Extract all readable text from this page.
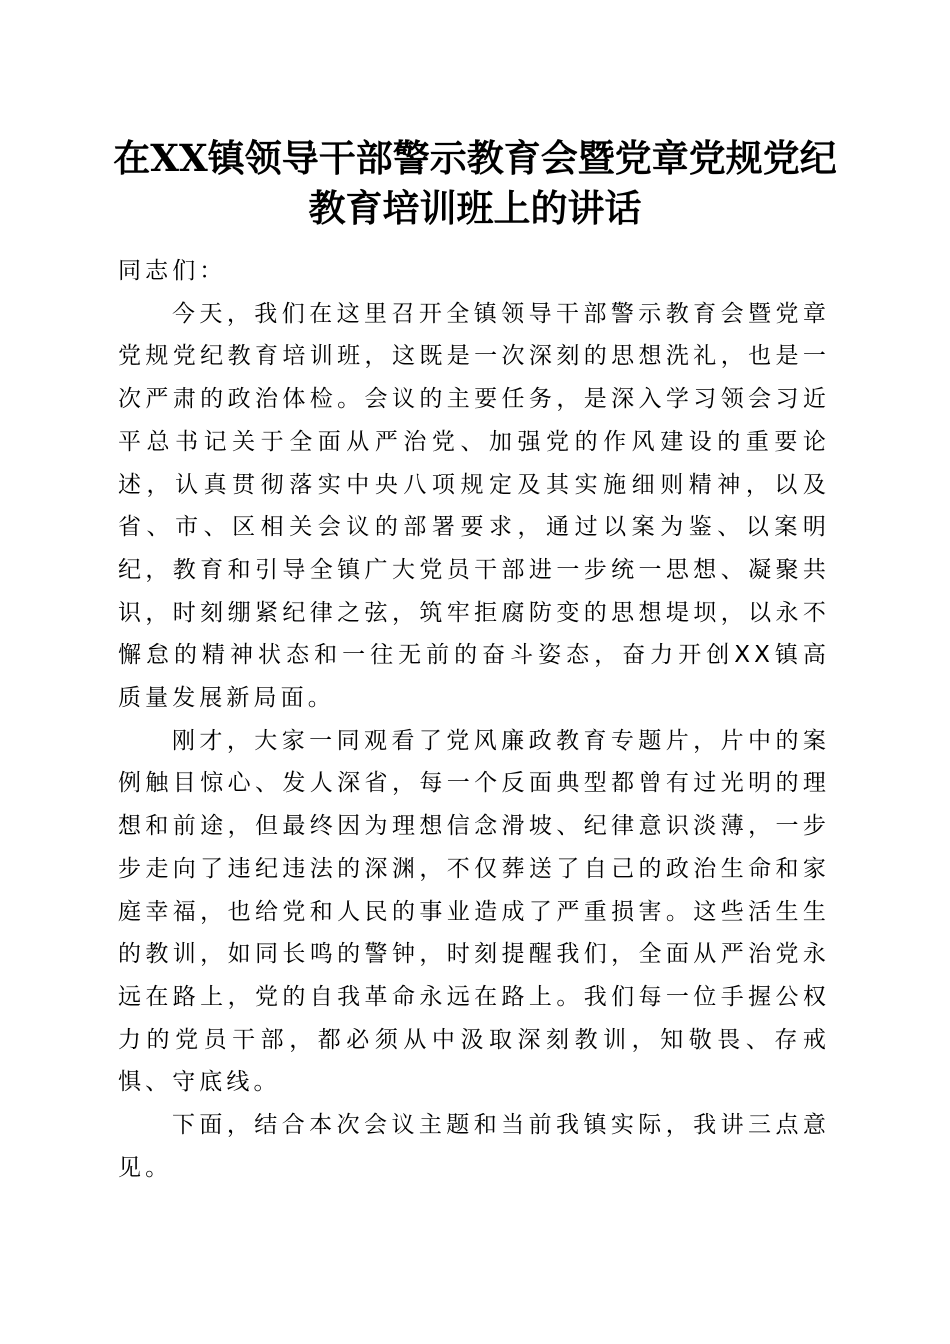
在XX镇领导干部警示教育会暨党章党规党纪
教育培训班上的讲话

同志们：

今天，我们在这里召开全镇领导干部警示教育会暨党章党规党纪教育培训班，这既是一次深刻的思想洗礼，也是一次严肃的政治体检。会议的主要任务，是深入学习领会习近平总书记关于全面从严治党、加强党的作风建设的重要论述，认真贯彻落实中央八项规定及其实施细则精神，以及省、市、区相关会议的部署要求，通过以案为鉴、以案明纪，教育和引导全镇广大党员干部进一步统一思想、凝聚共识，时刻绷紧纪律之弦，筑牢拒腐防变的思想堤坝，以永不懈怠的精神状态和一往无前的奋斗姿态，奋力开创XX镇高质量发展新局面。

刚才，大家一同观看了党风廉政教育专题片，片中的案例触目惊心、发人深省，每一个反面典型都曾有过光明的理想和前途，但最终因为理想信念滑坡、纪律意识淡薄，一步步走向了违纪违法的深渊，不仅葬送了自己的政治生命和家庭幸福，也给党和人民的事业造成了严重损害。这些活生生的教训，如同长鸣的警钟，时刻提醒我们，全面从严治党永远在路上，党的自我革命永远在路上。我们每一位手握公权力的党员干部，都必须从中汲取深刻教训，知敬畏、存戒惧、守底线。

下面，结合本次会议主题和当前我镇实际，我讲三点意见。
